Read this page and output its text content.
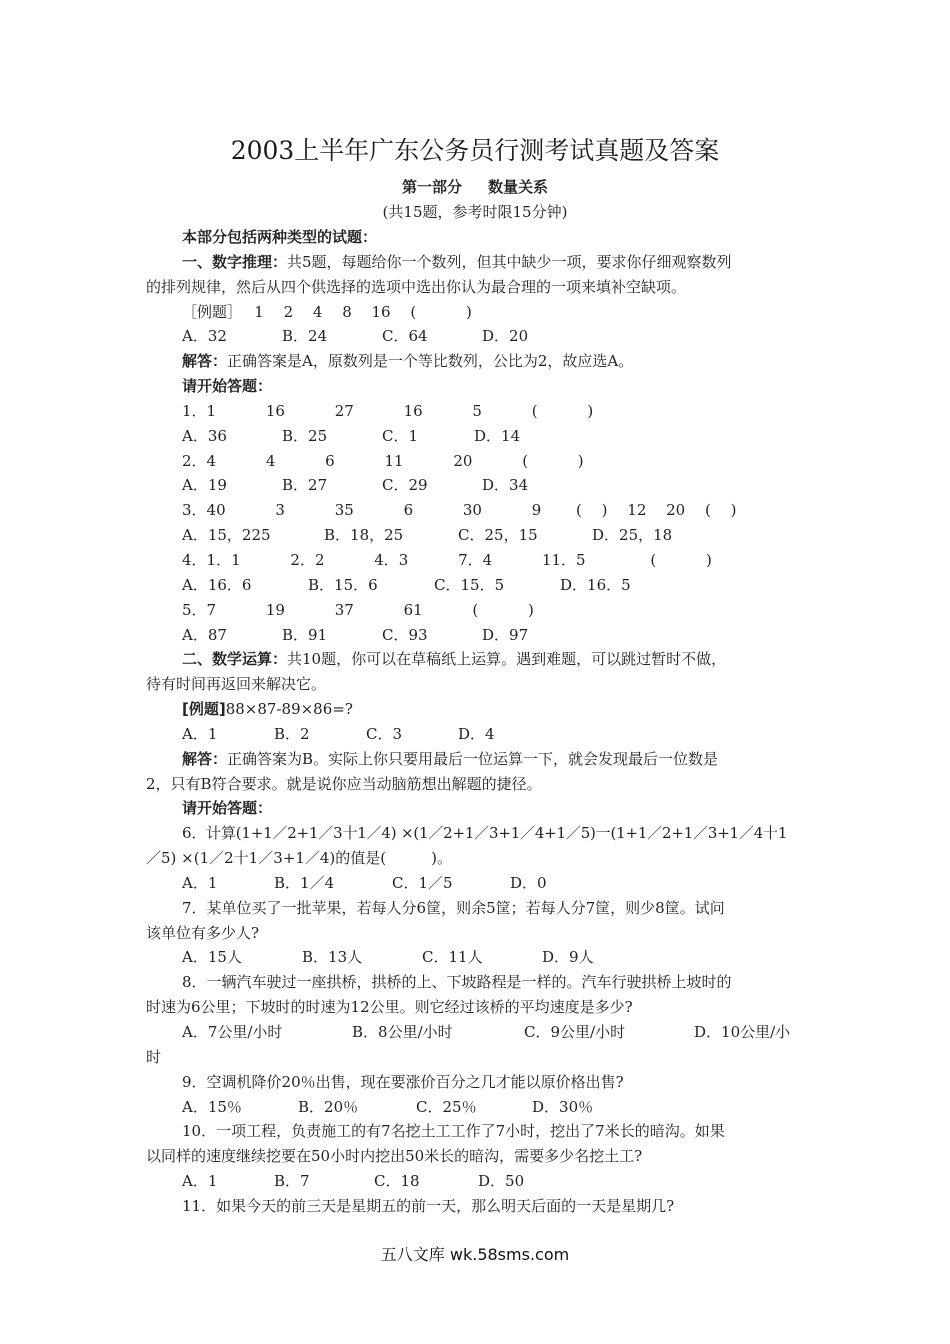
2003上半年广东公务员行测考试真题及答案
第一部分 数量关系
(共15题，参考时限15分钟)
本部分包括两种类型的试题：
一、数字推理：共5题，每题给你一个数列，但其中缺少一项，要求你仔细观察数列
的排列规律，然后从四个供选择的选项中选出你认为最合理的一项来填补空缺项。
［例题］　 1　 2　 4　 8　 16　 (　　　 )
A．32	B．24	C．64	D．20
解答：正确答案是A，原数列是一个等比数列，公比为2，故应选A。
请开始答题：
1．1　　　 16　　　 27　　　 16　　　 5　　　 (　　　 )
A．36	B．25	C．1	D．14
2．4　　　 4　　　 6　　　 11　　　 20　　　 (　　　 )
A．19	B．27	C．29	D．34
3．40　　　 3　　　 35　　　 6　　　 30　　　 9　　 (　 )　 12　 20　 (　 )
A．15，225	B．18，25	C．25，15	D．25，18
4．1．1　　　 2．2　　　 4．3　　　 7．4　　　 11．5　　　　 (　　　 )
A．16．6	B．15．6	C．15．5	D．16．5
5．7　　　 19　　　 37　　　 61　　　 (　　　 )
A．87	B．91	C．93	D．97
二、数学运算：共10题，你可以在草稿纸上运算。遇到难题，可以跳过暂时不做，
待有时间再返回来解决它。
[例题]88×87-89×86=?
A．1	B．2	C．3	D．4
解答：正确答案为B。实际上你只要用最后一位运算一下，就会发现最后一位数是
2，只有B符合要求。就是说你应当动脑筋想出解题的捷径。
请开始答题：
6．计算(1+1／2+1／3十1／4) ×(1／2+1／3+1／4+1／5)一(1+1／2+1／3+1／4十1
／5) ×(1／2十1／3+1／4)的值是(　　　)。
A．1	B．1／4	C．1／5	D．0
7．某单位买了一批苹果，若每人分6筐，则余5筐；若每人分7筐，则少8筐。试问
该单位有多少人?
A．15人	B．13人	C．11人	D．9人
8．一辆汽车驶过一座拱桥，拱桥的上、下坡路程是一样的。汽车行驶拱桥上坡时的
时速为6公里；下坡时的时速为12公里。则它经过该桥的平均速度是多少?
A．7公里/小时	B．8公里/小时	C．9公里/小时	D．10公里/小
时
9．空调机降价20％出售，现在要涨价百分之几才能以原价格出售?
A．15％	B．20％	C．25％	D．30％
10．一项工程，负责施工的有7名挖土工工作了7小时，挖出了7米长的暗沟。如果
以同样的速度继续挖要在50小时内挖出50米长的暗沟，需要多少名挖土工?
A．1	B．7	C．18	D．50
11．如果今天的前三天是星期五的前一天，那么明天后面的一天是星期几?
五八文库 wk.58sms.com
